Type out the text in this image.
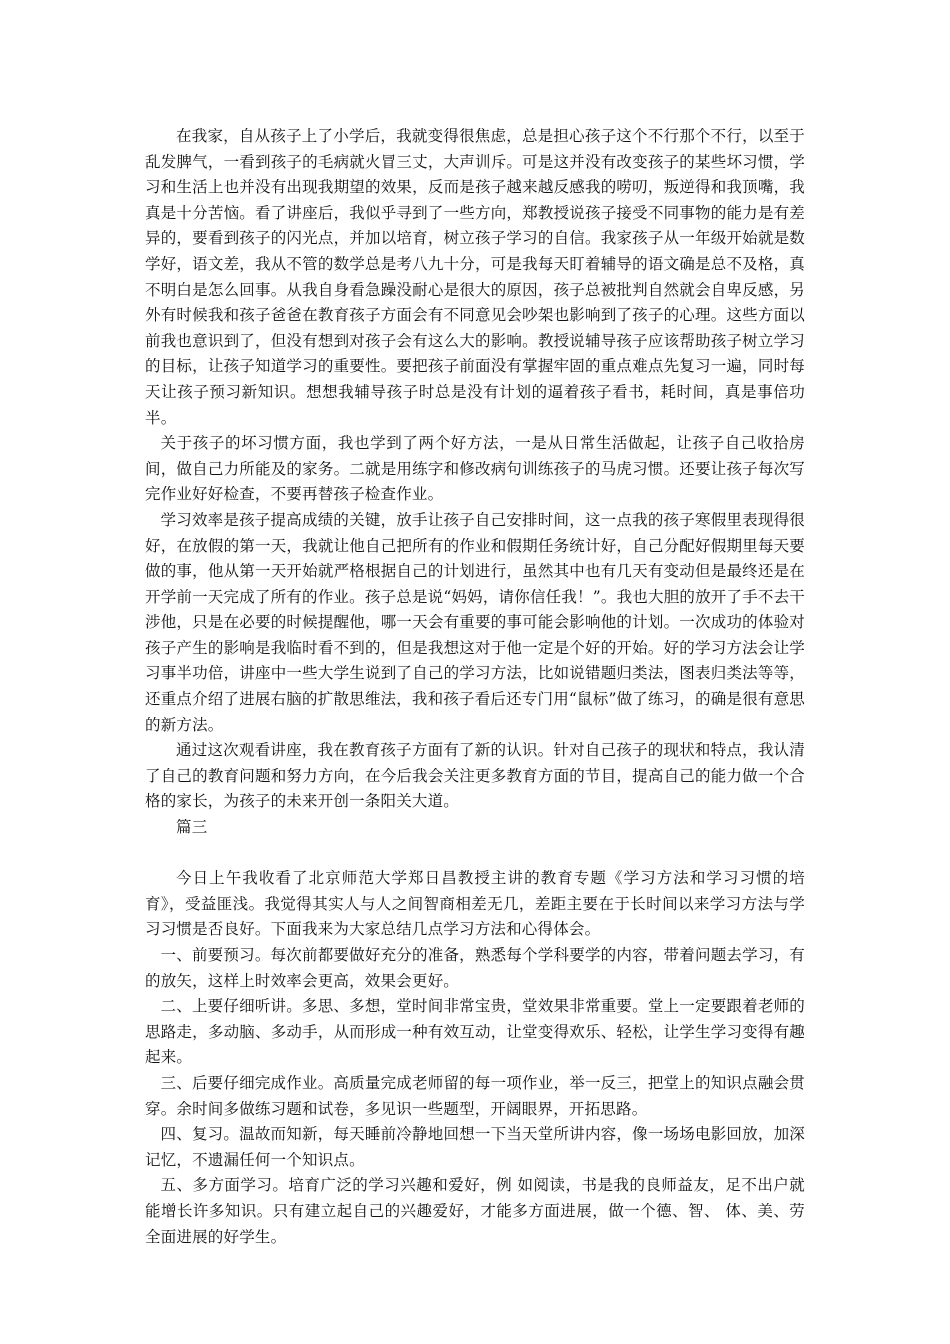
在我家，自从孩子上了小学后，我就变得很焦虑，总是担心孩子这个不行那个不行，以至于乱发脾气，一看到孩子的毛病就火冒三丈，大声训斥。可是这并没有改变孩子的某些坏习惯，学习和生活上也并没有出现我期望的效果，反而是孩子越来越反感我的唠叨，叛逆得和我顶嘴，我真是十分苦恼。看了讲座后，我似乎寻到了一些方向，郑教授说孩子接受不同事物的能力是有差异的，要看到孩子的闪光点，并加以培育，树立孩子学习的自信。我家孩子从一年级开始就是数学好，语文差，我从不管的数学总是考八九十分，可是我每天盯着辅导的语文确是总不及格，真不明白是怎么回事。从我自身看急躁没耐心是很大的原因，孩子总被批判自然就会自卑反感，另外有时候我和孩子爸爸在教育孩子方面会有不同意见会吵架也影响到了孩子的心理。这些方面以前我也意识到了，但没有想到对孩子会有这么大的影响。教授说辅导孩子应该帮助孩子树立学习的目标，让孩子知道学习的重要性。要把孩子前面没有掌握牢固的重点难点先复习一遍，同时每天让孩子预习新知识。想想我辅导孩子时总是没有计划的逼着孩子看书，耗时间，真是事倍功半。

关于孩子的坏习惯方面，我也学到了两个好方法，一是从日常生活做起，让孩子自己收拾房间，做自己力所能及的家务。二就是用练字和修改病句训练孩子的马虎习惯。还要让孩子每次写完作业好好检查，不要再替孩子检查作业。

学习效率是孩子提高成绩的关键，放手让孩子自己安排时间，这一点我的孩子寒假里表现得很好，在放假的第一天，我就让他自己把所有的作业和假期任务统计好，自己分配好假期里每天要做的事，他从第一天开始就严格根据自己的计划进行，虽然其中也有几天有变动但是最终还是在开学前一天完成了所有的作业。孩子总是说“妈妈，请你信任我！”。我也大胆的放开了手不去干涉他，只是在必要的时候提醒他，哪一天会有重要的事可能会影响他的计划。一次成功的体验对孩子产生的影响是我临时看不到的，但是我想这对于他一定是个好的开始。好的学习方法会让学习事半功倍，讲座中一些大学生说到了自己的学习方法，比如说错题归类法，图表归类法等等，还重点介绍了进展右脑的扩散思维法，我和孩子看后还专门用“鼠标”做了练习，的确是很有意思的新方法。

通过这次观看讲座，我在教育孩子方面有了新的认识。针对自己孩子的现状和特点，我认清了自己的教育问题和努力方向，在今后我会关注更多教育方面的节目，提高自己的能力做一个合格的家长，为孩子的未来开创一条阳关大道。

篇三

今日上午我收看了北京师范大学郑日昌教授主讲的教育专题《学习方法和学习习惯的培育》，受益匪浅。我觉得其实人与人之间智商相差无几，差距主要在于长时间以来学习方法与学习习惯是否良好。下面我来为大家总结几点学习方法和心得体会。

一、前要预习。每次前都要做好充分的准备，熟悉每个学科要学的内容，带着问题去学习，有的放矢，这样上时效率会更高，效果会更好。

二、上要仔细听讲。多思、多想，堂时间非常宝贵，堂效果非常重要。堂上一定要跟着老师的思路走，多动脑、多动手，从而形成一种有效互动，让堂变得欢乐、轻松，让学生学习变得有趣起来。

三、后要仔细完成作业。高质量完成老师留的每一项作业，举一反三，把堂上的知识点融会贯穿。余时间多做练习题和试卷，多见识一些题型，开阔眼界，开拓思路。

四、复习。温故而知新，每天睡前冷静地回想一下当天堂所讲内容，像一场场电影回放，加深记忆，不遗漏任何一个知识点。

五、多方面学习。培育广泛的学习兴趣和爱好，例 如阅读，书是我的良师益友，足不出户就能增长许多知识。只有建立起自己的兴趣爱好，才能多方面进展，做一个德、智、 体、美、劳全面进展的好学生。
